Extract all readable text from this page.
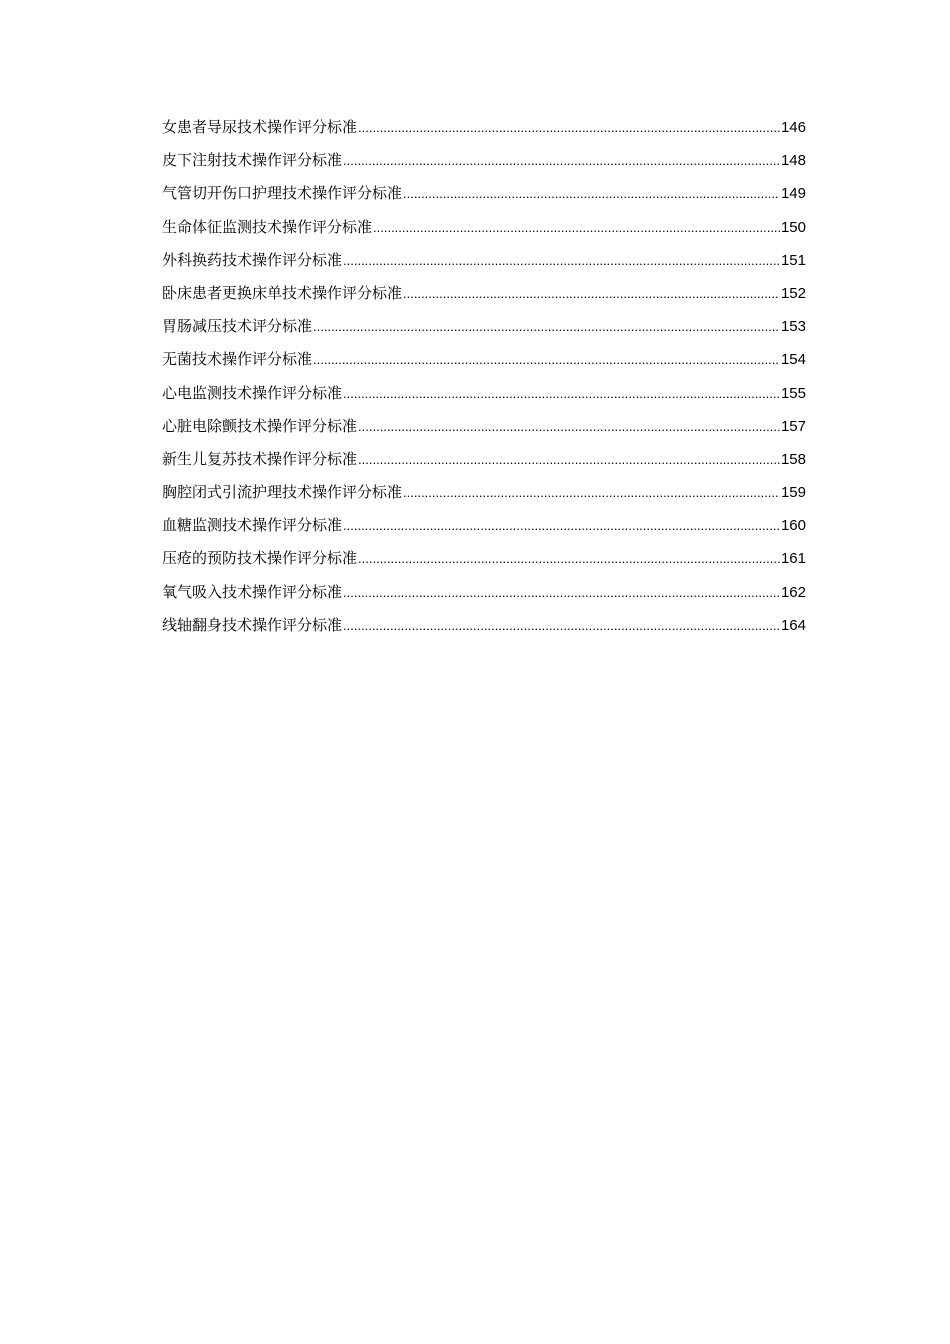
女患者导尿技术操作评分标准 .....	146
皮下注射技术操作评分标准 .....	148
气管切开伤口护理技术操作评分标准 .....	149
生命体征监测技术操作评分标准 .....	150
外科换药技术操作评分标准 .....	151
卧床患者更换床单技术操作评分标准 .....	152
胃肠减压技术评分标准 .....	153
无菌技术操作评分标准 .....	154
心电监测技术操作评分标准 .....	155
心脏电除颤技术操作评分标准 .....	157
新生儿复苏技术操作评分标准 .....	158
胸腔闭式引流护理技术操作评分标准 .....	159
血糖监测技术操作评分标准 .....	160
压疮的预防技术操作评分标准 .....	161
氧气吸入技术操作评分标准 .....	162
线轴翻身技术操作评分标准 .....	164
